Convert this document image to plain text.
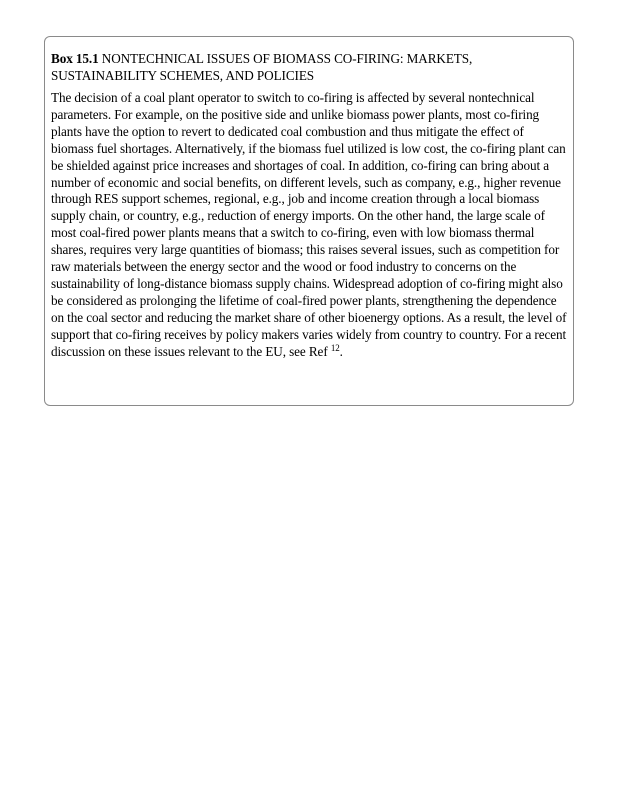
Box 15.1 NONTECHNICAL ISSUES OF BIOMASS CO-FIRING: MARKETS, SUSTAINABILITY SCHEMES, AND POLICIES

The decision of a coal plant operator to switch to co-firing is affected by several nontechnical parameters. For example, on the positive side and unlike biomass power plants, most co-firing plants have the option to revert to dedicated coal combustion and thus mitigate the effect of biomass fuel shortages. Alternatively, if the biomass fuel utilized is low cost, the co-firing plant can be shielded against price increases and shortages of coal. In addition, co-firing can bring about a number of economic and social benefits, on different levels, such as company, e.g., higher revenue through RES support schemes, regional, e.g., job and income creation through a local biomass supply chain, or country, e.g., reduction of energy imports. On the other hand, the large scale of most coal-fired power plants means that a switch to co-firing, even with low biomass thermal shares, requires very large quantities of biomass; this raises several issues, such as competition for raw materials between the energy sector and the wood or food industry to concerns on the sustainability of long-distance biomass supply chains. Widespread adoption of co-firing might also be considered as prolonging the lifetime of coal-fired power plants, strengthening the dependence on the coal sector and reducing the market share of other bioenergy options. As a result, the level of support that co-firing receives by policy makers varies widely from country to country. For a recent discussion on these issues relevant to the EU, see Ref $^{12}$.
